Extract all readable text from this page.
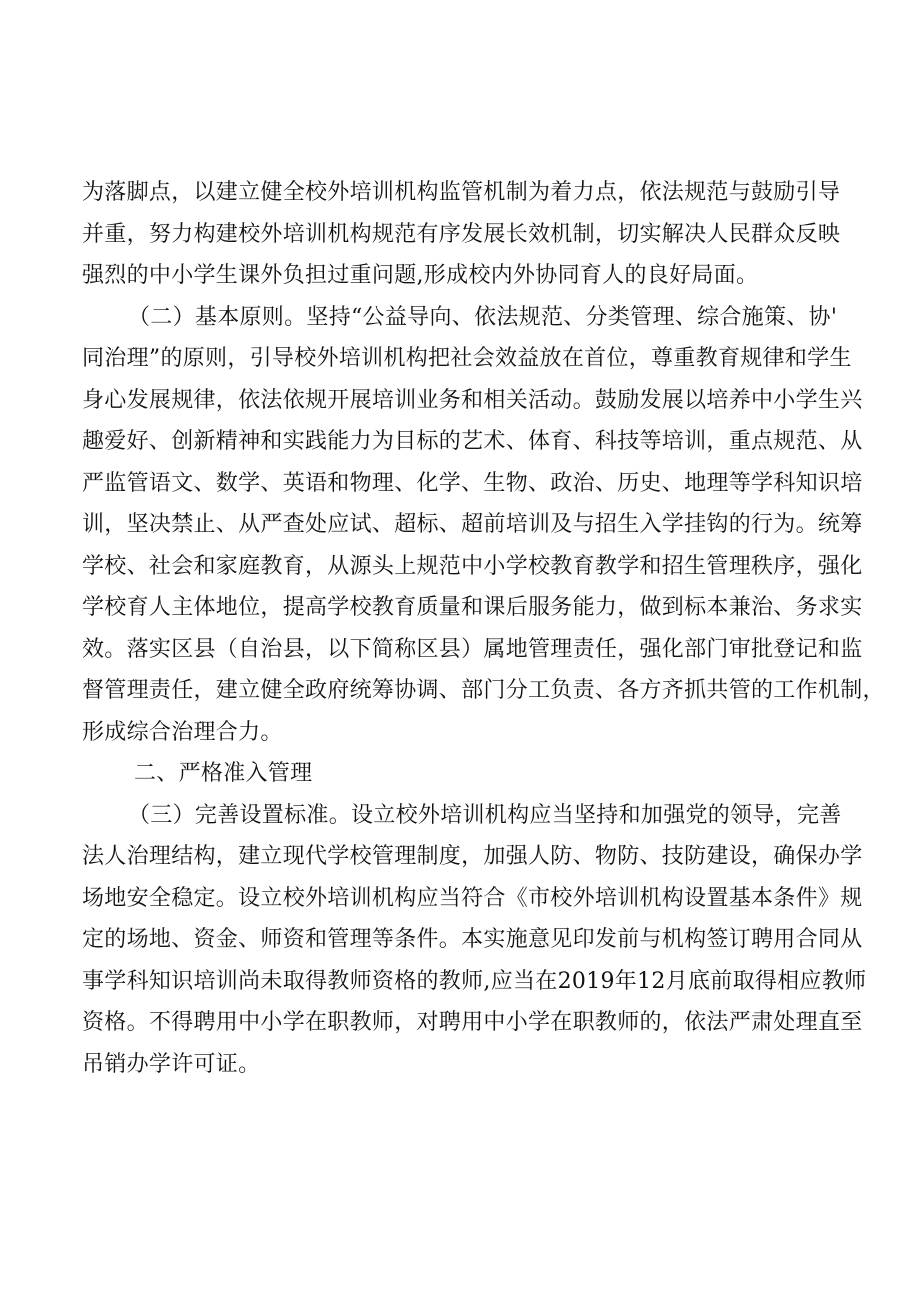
为落脚点，以建立健全校外培训机构监管机制为着力点，依法规范与鼓励引导
并重，努力构建校外培训机构规范有序发展长效机制，切实解决人民群众反映
强烈的中小学生课外负担过重问题,形成校内外协同育人的良好局面。
（二）基本原则。坚持“公益导向、依法规范、分类管理、综合施策、协'
同治理”的原则，引导校外培训机构把社会效益放在首位，尊重教育规律和学生
身心发展规律，依法依规开展培训业务和相关活动。鼓励发展以培养中小学生兴
趣爱好、创新精神和实践能力为目标的艺术、体育、科技等培训，重点规范、从
严监管语文、数学、英语和物理、化学、生物、政治、历史、地理等学科知识培
训，坚决禁止、从严查处应试、超标、超前培训及与招生入学挂钩的行为。统筹
学校、社会和家庭教育，从源头上规范中小学校教育教学和招生管理秩序，强化
学校育人主体地位，提高学校教育质量和课后服务能力，做到标本兼治、务求实
效。落实区县（自治县，以下简称区县）属地管理责任，强化部门审批登记和监
督管理责任，建立健全政府统筹协调、部门分工负责、各方齐抓共管的工作机制，
形成综合治理合力。
二、严格准入管理
（三）完善设置标准。设立校外培训机构应当坚持和加强党的领导，完善
法人治理结构，建立现代学校管理制度，加强人防、物防、技防建设，确保办学
场地安全稳定。设立校外培训机构应当符合《市校外培训机构设置基本条件》规
定的场地、资金、师资和管理等条件。本实施意见印发前与机构签订聘用合同从
事学科知识培训尚未取得教师资格的教师,应当在2019年12月底前取得相应教师
资格。不得聘用中小学在职教师，对聘用中小学在职教师的，依法严肃处理直至
吊销办学许可证。
